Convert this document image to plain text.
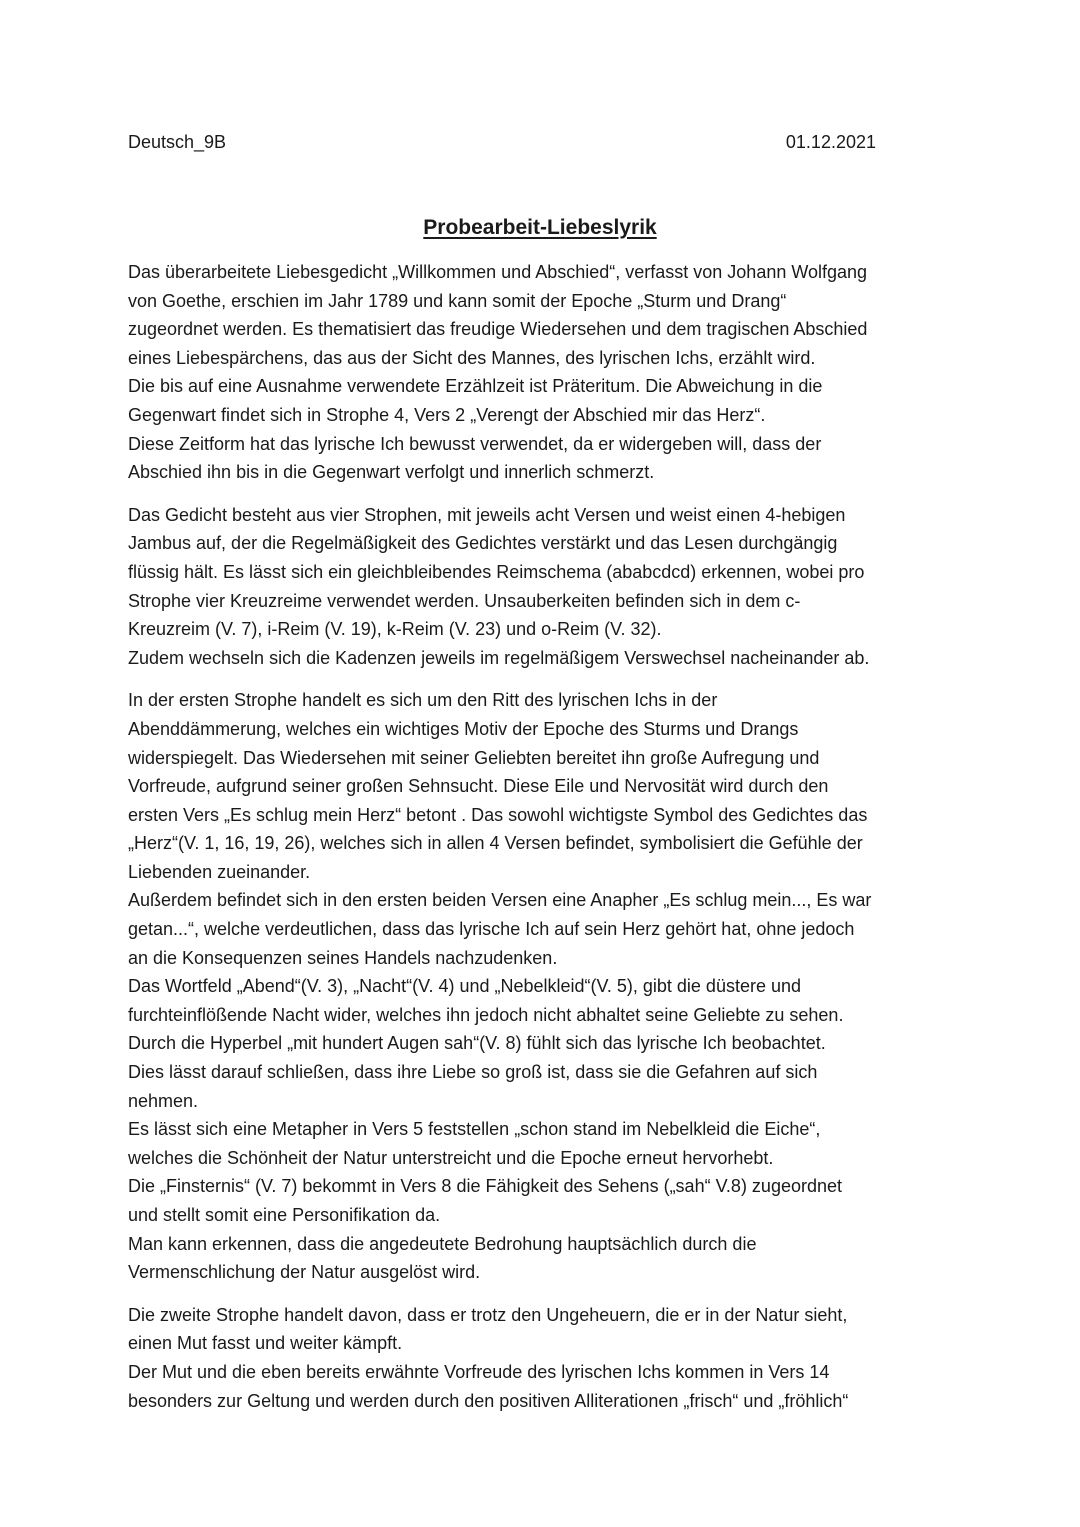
Deutsch_9B	01.12.2021
Probearbeit-Liebeslyrik
Das überarbeitete Liebesgedicht „Willkommen und Abschied“, verfasst von Johann Wolfgang
von Goethe, erschien im Jahr 1789 und kann somit der Epoche „Sturm und Drang“
zugeordnet werden. Es thematisiert das freudige Wiedersehen und dem tragischen Abschied
eines Liebespärchens, das aus der Sicht des Mannes, des lyrischen Ichs, erzählt wird.
Die bis auf eine Ausnahme verwendete Erzählzeit ist Präteritum. Die Abweichung in die
Gegenwart findet sich in Strophe 4, Vers 2 „Verengt der Abschied mir das Herz“.
Diese Zeitform hat das lyrische Ich bewusst verwendet, da er widergeben will, dass der
Abschied ihn bis in die Gegenwart verfolgt und innerlich schmerzt.
Das Gedicht besteht aus vier Strophen, mit jeweils acht Versen und weist einen 4-hebigen
Jambus auf, der die Regelmäßigkeit des Gedichtes verstärkt und das Lesen durchgängig
flüssig hält. Es lässt sich ein gleichbleibendes Reimschema (ababcdcd) erkennen, wobei pro
Strophe vier Kreuzreime verwendet werden. Unsauberkeiten befinden sich in dem c-
Kreuzreim (V. 7), i-Reim (V. 19), k-Reim (V. 23) und o-Reim (V. 32).
Zudem wechseln sich die Kadenzen jeweils im regelmäßigem Verswechsel nacheinander ab.
In der ersten Strophe handelt es sich um den Ritt des lyrischen Ichs in der
Abenddämmerung, welches ein wichtiges Motiv der Epoche des Sturms und Drangs
widerspiegelt. Das Wiedersehen mit seiner Geliebten bereitet ihn große Aufregung und
Vorfreude, aufgrund seiner großen Sehnsucht. Diese Eile und Nervosität wird durch den
ersten Vers „Es schlug mein Herz“ betont . Das sowohl wichtigste Symbol des Gedichtes das
„Herz“(V. 1, 16, 19, 26), welches sich in allen 4 Versen befindet, symbolisiert die Gefühle der
Liebenden zueinander.
Außerdem befindet sich in den ersten beiden Versen eine Anapher „Es schlug mein..., Es war
getan...“, welche verdeutlichen, dass das lyrische Ich auf sein Herz gehört hat, ohne jedoch
an die Konsequenzen seines Handels nachzudenken.
Das Wortfeld „Abend“(V. 3), „Nacht“(V. 4) und „Nebelkleid“(V. 5), gibt die düstere und
furchteinflößende Nacht wider, welches ihn jedoch nicht abhaltet seine Geliebte zu sehen.
Durch die Hyperbel „mit hundert Augen sah“(V. 8) fühlt sich das lyrische Ich beobachtet.
Dies lässt darauf schließen, dass ihre Liebe so groß ist, dass sie die Gefahren auf sich
nehmen.
Es lässt sich eine Metapher in Vers 5 feststellen „schon stand im Nebelkleid die Eiche“,
welches die Schönheit der Natur unterstreicht und die Epoche erneut hervorhebt.
Die „Finsternis“ (V. 7) bekommt in Vers 8 die Fähigkeit des Sehens („sah“ V.8) zugeordnet
und stellt somit eine Personifikation da.
Man kann erkennen, dass die angedeutete Bedrohung hauptsächlich durch die
Vermenschlichung der Natur ausgelöst wird.
Die zweite Strophe handelt davon, dass er trotz den Ungeheuern, die er in der Natur sieht,
einen Mut fasst und weiter kämpft.
Der Mut und die eben bereits erwähnte Vorfreude des lyrischen Ichs kommen in Vers 14
besonders zur Geltung und werden durch den positiven Alliterationen „frisch“ und „fröhlich“
